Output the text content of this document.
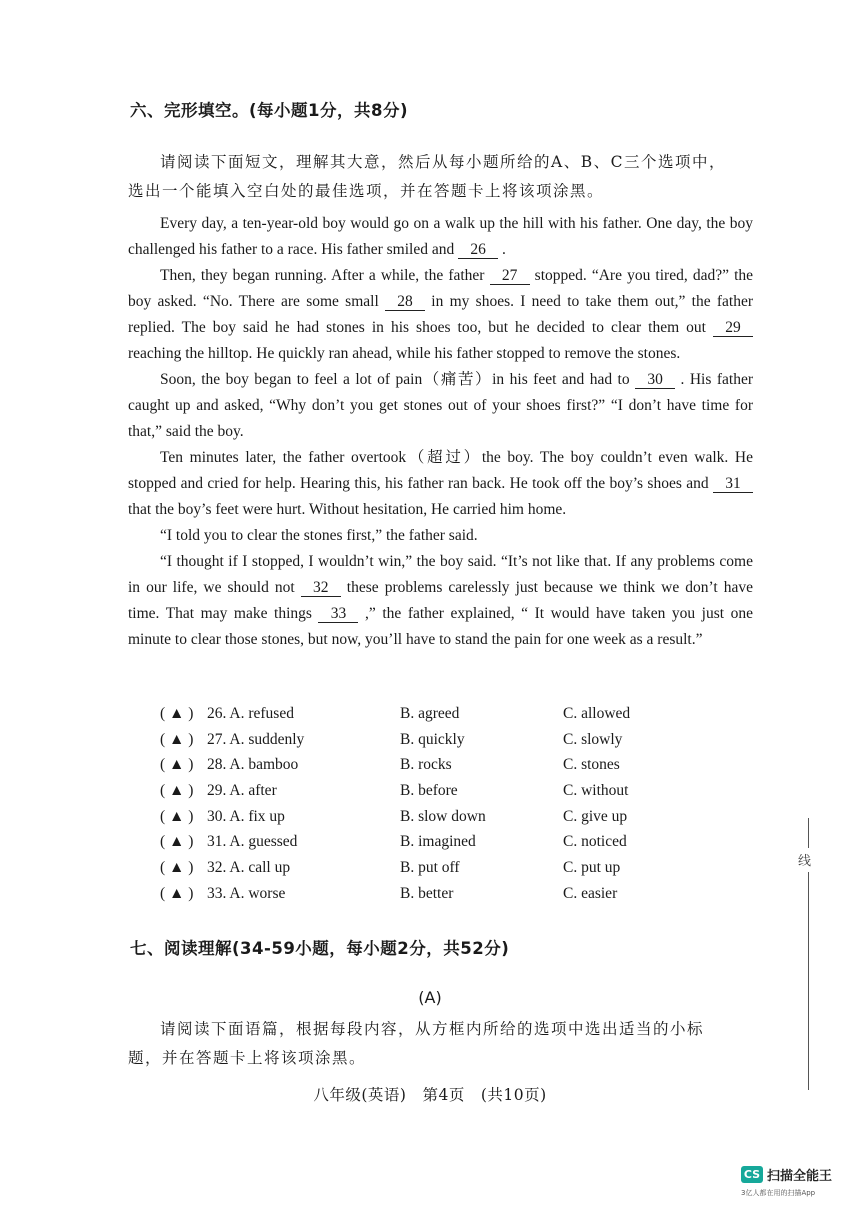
六、完形填空。(每小题1分，共8分)
请阅读下面短文，理解其大意，然后从每小题所给的A、B、C三个选项中，
选出一个能填入空白处的最佳选项，并在答题卡上将该项涂黑。

Every day, a ten-year-old boy would go on a walk up the hill with his father. One day, the boy challenged his father to a race. His father smiled and 26 .

Then, they began running. After a while, the father 27 stopped. “Are you tired, dad?” the boy asked. “No. There are some small 28 in my shoes. I need to take them out,” the father replied. The boy said he had stones in his shoes too, but he decided to clear them out 29 reaching the hilltop. He quickly ran ahead, while his father stopped to remove the stones.

Soon, the boy began to feel a lot of pain（痛苦）in his feet and had to 30 . His father caught up and asked, “Why don’t you get stones out of your shoes first?” “I don’t have time for that,” said the boy.

Ten minutes later, the father overtook（超过）the boy. The boy couldn’t even walk. He stopped and cried for help. Hearing this, his father ran back. He took off the boy’s shoes and 31 that the boy’s feet were hurt. Without hesitation, He carried him home.

“I told you to clear the stones first,” the father said.

“I thought if I stopped, I wouldn’t win,” the boy said. “It’s not like that. If any problems come in our life, we should not 32 these problems carelessly just because we think we don’t have time. That may make things 33 ,” the father explained, “ It would have taken you just one minute to clear those stones, but now, you’ll have to stand the pain for one week as a result.”

( ▲ ) 26. A. refused	B. agreed	C. allowed
( ▲ ) 27. A. suddenly	B. quickly	C. slowly
( ▲ ) 28. A. bamboo	B. rocks	C. stones
( ▲ ) 29. A. after	B. before	C. without
( ▲ ) 30. A. fix up	B. slow down	C. give up
( ▲ ) 31. A. guessed	B. imagined	C. noticed
( ▲ ) 32. A. call up	B. put off	C. put up
( ▲ ) 33. A. worse	B. better	C. easier
七、阅读理解(34-59小题，每小题2分，共52分)
(A)
请阅读下面语篇，根据每段内容，从方框内所给的选项中选出适当的小标
题，并在答题卡上将该项涂黑。
八年级(英语)　第4页　(共10页)
线
CS 扫描全能王
3亿人都在用的扫描App
